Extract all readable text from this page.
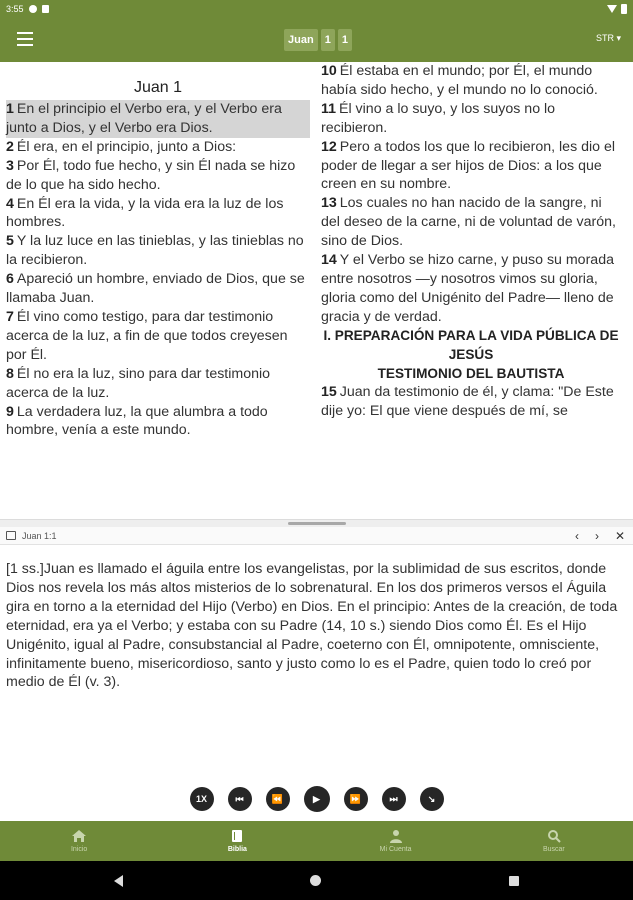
3:55
Juan	1	1	STR ▾
Juan 1
1 En el principio el Verbo era, y el Verbo era junto a Dios, y el Verbo era Dios.
2 Él era, en el principio, junto a Dios:
3 Por Él, todo fue hecho, y sin Él nada se hizo de lo que ha sido hecho.
4 En Él era la vida, y la vida era la luz de los hombres.
5 Y la luz luce en las tinieblas, y las tinieblas no la recibieron.
6 Apareció un hombre, enviado de Dios, que se llamaba Juan.
7 Él vino como testigo, para dar testimonio acerca de la luz, a fin de que todos creyesen por Él.
8 Él no era la luz, sino para dar testimonio acerca de la luz.
9 La verdadera luz, la que alumbra a todo hombre, venía a este mundo.
10 Él estaba en el mundo; por Él, el mundo había sido hecho, y el mundo no lo conoció.
11 Él vino a lo suyo, y los suyos no lo recibieron.
12 Pero a todos los que lo recibieron, les dio el poder de llegar a ser hijos de Dios: a los que creen en su nombre.
13 Los cuales no han nacido de la sangre, ni del deseo de la carne, ni de voluntad de varón, sino de Dios.
14 Y el Verbo se hizo carne, y puso su morada entre nosotros —y nosotros vimos su gloria, gloria como del Unigénito del Padre— lleno de gracia y de verdad.
I. PREPARACIÓN PARA LA VIDA PÚBLICA DE JESÚS
TESTIMONIO DEL BAUTISTA
15 Juan da testimonio de él, y clama: "De Este dije yo: El que viene después de mí, se
Juan 1:1	‹ › ✕
[1 ss.]Juan es llamado el águila entre los evangelistas, por la sublimidad de sus escritos, donde Dios nos revela los más altos misterios de lo sobrenatural. En los dos primeros versos el Águila gira en torno a la eternidad del Hijo (Verbo) en Dios. En el principio: Antes de la creación, de toda eternidad, era ya el Verbo; y estaba con su Padre (14, 10 s.) siendo Dios como Él. Es el Hijo Unigénito, igual al Padre, consubstancial al Padre, coeterno con Él, omnipotente, omnisciente, infinitamente bueno, misericordioso, santo y justo como lo es el Padre, quien todo lo creó por medio de Él (v. 3).
1X	⏮	⏪	▶	⏩	⏭	↘
Inicio	Biblia	Mi Cuenta	Buscar
